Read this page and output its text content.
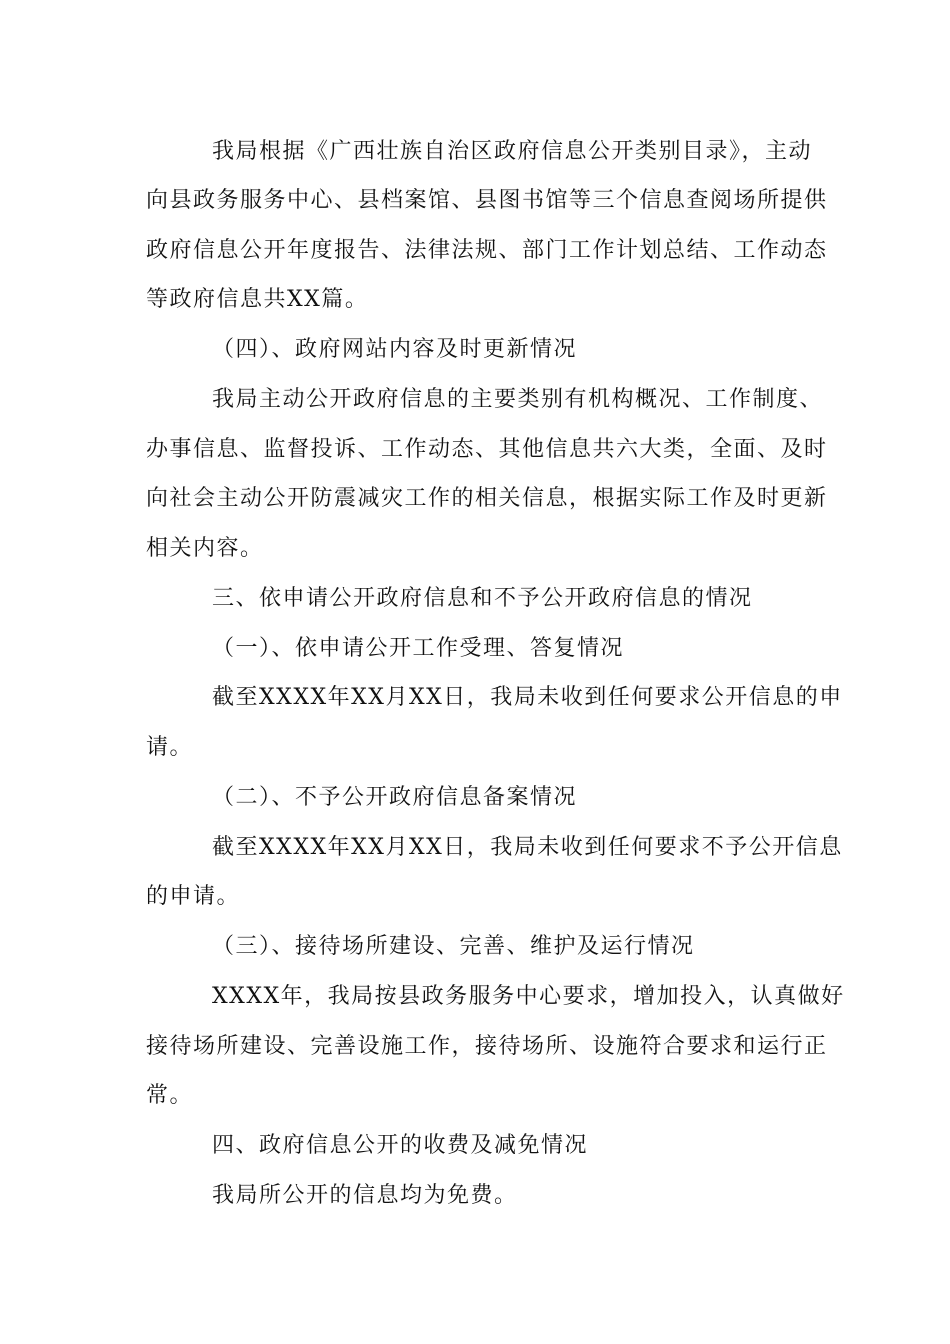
我局根据《广西壮族自治区政府信息公开类别目录》，主动
向县政务服务中心、县档案馆、县图书馆等三个信息查阅场所提供
政府信息公开年度报告、法律法规、部门工作计划总结、工作动态
等政府信息共XX篇。
（四）、政府网站内容及时更新情况
我局主动公开政府信息的主要类别有机构概况、工作制度、
办事信息、监督投诉、工作动态、其他信息共六大类，全面、及时
向社会主动公开防震减灾工作的相关信息，根据实际工作及时更新
相关内容。
三、依申请公开政府信息和不予公开政府信息的情况
（一）、依申请公开工作受理、答复情况
截至XXXX年XX月XX日，我局未收到任何要求公开信息的申
请。
（二）、不予公开政府信息备案情况
截至XXXX年XX月XX日，我局未收到任何要求不予公开信息
的申请。
（三）、接待场所建设、完善、维护及运行情况
XXXX年，我局按县政务服务中心要求，增加投入，认真做好
接待场所建设、完善设施工作，接待场所、设施符合要求和运行正
常。
四、政府信息公开的收费及减免情况
我局所公开的信息均为免费。
